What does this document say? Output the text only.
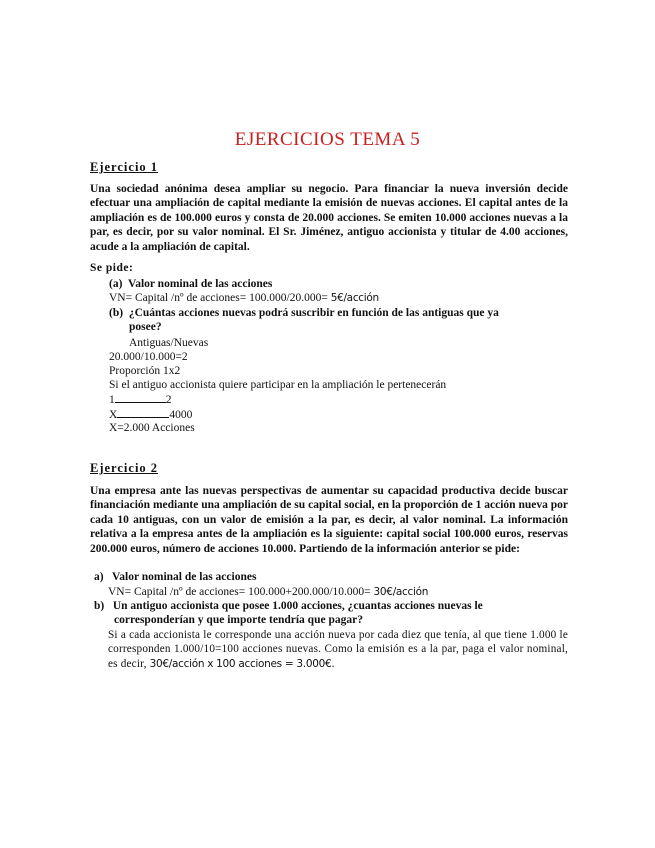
EJERCICIOS TEMA 5
Ejercicio 1
Una sociedad anónima desea ampliar su negocio. Para financiar la nueva inversión decide efectuar una ampliación de capital mediante la emisión de nuevas acciones. El capital antes de la ampliación es de 100.000 euros y consta de 20.000 acciones. Se emiten 10.000 acciones nuevas a la par, es decir, por su valor nominal. El Sr. Jiménez, antiguo accionista y titular de 4.00 acciones, acude a la ampliación de capital.
Se pide:
(a) Valor nominal de las acciones
VN= Capital /nº de acciones= 100.000/20.000= 5€/acción
(b) ¿Cuántas acciones nuevas podrá suscribir en función de las antiguas que ya
posee?
Antiguas/Nuevas
20.000/10.000=2
Proporción 1x2
Si el antiguo accionista quiere participar en la ampliación le pertenecerán
1	2
X	4000
X=2.000 Acciones
Ejercicio 2
Una empresa ante las nuevas perspectivas de aumentar su capacidad productiva decide buscar financiación mediante una ampliación de su capital social, en la proporción de 1 acción nueva por cada 10 antiguas, con un valor de emisión a la par, es decir, al valor nominal. La información relativa a la empresa antes de la ampliación es la siguiente: capital social 100.000 euros, reservas 200.000 euros, número de acciones 10.000. Partiendo de la información anterior se pide:
a) Valor nominal de las acciones
VN= Capital /nº de acciones= 100.000+200.000/10.000= 30€/acción
b) Un antiguo accionista que posee 1.000 acciones, ¿cuantas acciones nuevas le
corresponderían y que importe tendría que pagar?
Si a cada accionista le corresponde una acción nueva por cada diez que tenía, al que tiene 1.000 le corresponden 1.000/10=100 acciones nuevas. Como la emisión es a la par, paga el valor nominal, es decir, 30€/acción x 100 acciones = 3.000€.
